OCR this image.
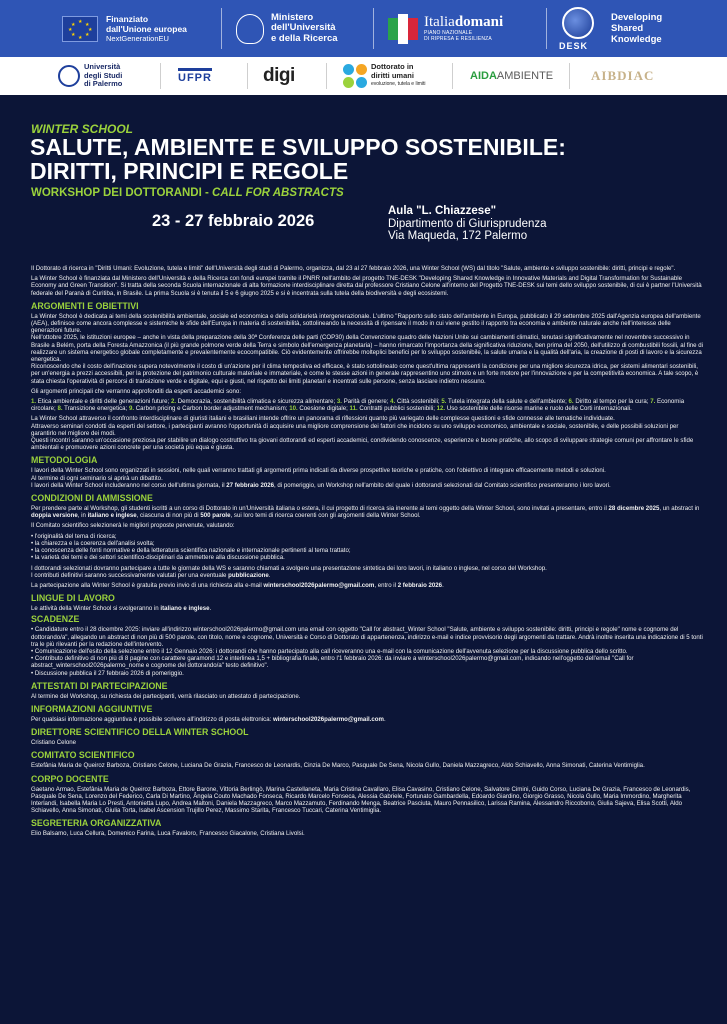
★
★ ★
★	★
★ ★
★
Finanziato
dall'Unione europea
NextGenerationEU
Ministero
dell'Università
e della Ricerca
Italiadomani
PIANO NAZIONALE
DI RIPRESA E RESILIENZA
DESK
Developing
Shared
Knowledge
Università
degli Studi
di Palermo	UFPR	digi	Dottorato in
diritti umani
evoluzione, tutela e limiti
AIDAAMBIENTE	AIBDIAC
WINTER SCHOOL
SALUTE, AMBIENTE E SVILUPPO SOSTENIBILE:
DIRITTI, PRINCIPI E REGOLE
WORKSHOP DEI DOTTORANDI - CALL FOR ABSTRACTS
23 - 27 febbraio 2026
Aula "L. Chiazzese"
Dipartimento di Giurisprudenza
Via Maqueda, 172 Palermo

Il Dottorato di ricerca in "Diritti Umani: Evoluzione, tutela e limiti" dell'Università degli studi di Palermo, organizza, dal 23 al 27 febbraio 2026, una Winter School (WS) dal titolo "Salute, ambiente e sviluppo sostenibile: diritti, principi e regole".

La Winter School è finanziata dal Ministero dell'Università e della Ricerca con fondi europei tramite il PNRR nell'ambito del progetto TNE-DESK "Developing Shared Knowledge in Innovative Materials and Digital Transformation for Sustainable Economy and Green Transition". Si tratta della seconda Scuola internazionale di alta formazione interdisciplinare diretta dal professore Cristiano Celone all'interno del Progetto TNE-DESK sui temi dello sviluppo sostenibile, di cui è partner l'Università federale del Paranà di Curitiba, in Brasile. La prima Scuola si è tenuta il 5 e 6 giugno 2025 e si è incentrata sulla tutela della biodiversità e degli ecosistemi.

ARGOMENTI E OBIETTIVI

La Winter School è dedicata ai temi della sostenibilità ambientale, sociale ed economica e della solidarietà intergenerazionale. L'ultimo "Rapporto sullo stato dell'ambiente in Europa, pubblicato il 29 settembre 2025 dall'Agenzia europea dell'ambiente (AEA), definisce come ancora complesse e sistemiche le sfide dell'Europa in materia di sostenibilità, sottolineando la necessità di ripensare il modo in cui viene gestito il rapporto tra economia e ambiente naturale anche nell'interesse delle generazioni future.

Nell'ottobre 2025, le istituzioni europee – anche in vista della preparazione della 30ª Conferenza delle parti (COP30) della Convenzione quadro delle Nazioni Unite sui cambiamenti climatici, tenutasi significativamente nel novembre successivo in Brasile a Belém, porta della Foresta Amazzonica (il più grande polmone verde della Terra e simbolo dell'emergenza planetaria) – hanno rimarcato l'importanza della significativa riduzione, ben prima del 2050, dell'utilizzo di combustibili fossili, al fine di realizzare un sistema energetico globale completamente e prevalentemente ecocompatibile. Ciò evidentemente offrirebbe molteplici benefici per lo sviluppo sostenibile, la salute umana e la qualità dell'aria, la creazione di posti di lavoro e la sicurezza energetica.

Riconoscendo che il costo dell'inazione supera notevolmente il costo di un'azione per il clima tempestiva ed efficace, è stato sottolineato come quest'ultima rappresenti la condizione per una migliore sicurezza idrica, per sistemi alimentari sostenibili, per un'energia a prezzi accessibili, per la protezione del patrimonio culturale materiale e immateriale, e come le stesse azioni in generale rappresentino uno stimolo e un forte motore per l'innovazione e per la competitività economica. A tale scopo, è stata chiesta l'operatività di percorsi di transizione verde e digitale, equi e giusti, nel rispetto dei limiti planetari e incentrati sulle persone, senza lasciare indietro nessuno.

Gli argomenti principali che verranno approfonditi da esperti accademici sono:

1. Etica ambientale e diritti delle generazioni future; 2. Democrazia, sostenibilità climatica e sicurezza alimentare; 3. Parità di genere; 4. Città sostenibili; 5. Tutela integrata della salute e dell'ambiente; 6. Diritto al tempo per la cura; 7. Economia circolare; 8. Transizione energetica; 9. Carbon pricing e Carbon border adjustment mechanism; 10. Coesione digitale; 11. Contratti pubblici sostenibili; 12. Uso sostenibile delle risorse marine e ruolo delle Corti internazionali.

La Winter School attraverso il confronto interdisciplinare di giuristi italiani e brasiliani intende offrire un panorama di riflessioni quanto più variegato delle complesse questioni e sfide connesse alle tematiche individuate.

Attraverso seminari condotti da esperti del settore, i partecipanti avranno l'opportunità di acquisire una migliore comprensione dei fattori che incidono su uno sviluppo economico, ambientale e sociale, sostenibile, e delle possibili soluzioni per garantirlo nel migliore dei modi.

Questi incontri saranno un'occasione preziosa per stabilire un dialogo costruttivo tra giovani dottorandi ed esperti accademici, condividendo conoscenze, esperienze e buone pratiche, allo scopo di sviluppare strategie comuni per affrontare le sfide ambientali e promuovere azioni concrete per una società più equa e giusta.

METODOLOGIA

I lavori della Winter School sono organizzati in sessioni, nelle quali verranno trattati gli argomenti prima indicati da diverse prospettive teoriche e pratiche, con l'obiettivo di integrare efficacemente metodi e soluzioni.

Al termine di ogni seminario si aprirà un dibattito.

I lavori della Winter School includeranno nel corso dell'ultima giornata, il 27 febbraio 2026, di pomeriggio, un Workshop nell'ambito del quale i dottorandi selezionati dal Comitato scientifico presenteranno i loro lavori.

CONDIZIONI DI AMMISSIONE

Per prendere parte al Workshop, gli studenti iscritti a un corso di Dottorato in un'Università italiana o estera, il cui progetto di ricerca sia inerente ai temi oggetto della Winter School, sono invitati a presentare, entro il 28 dicembre 2025, un abstract in doppia versione, in italiano e inglese, ciascuna di non più di 500 parole, sui loro temi di ricerca coerenti con gli argomenti della Winter School.

Il Comitato scientifico selezionerà le migliori proposte pervenute, valutando:

• l'originalità del tema di ricerca;

• la chiarezza e la coerenza dell'analisi svolta;

• la conoscenza delle fonti normative e della letteratura scientifica nazionale e internazionale pertinenti al tema trattato;

• la varietà dei temi e dei settori scientifico-disciplinari da ammettere alla discussione pubblica.

I dottorandi selezionati dovranno partecipare a tutte le giornate della WS e saranno chiamati a svolgere una presentazione sintetica dei loro lavori, in italiano o inglese, nel corso del Workshop.

I contributi definitivi saranno successivamente valutati per una eventuale pubblicazione.

La partecipazione alla Winter School è gratuita previo invio di una richiesta alla e-mail winterschool2026palermo@gmail.com, entro il 2 febbraio 2026.

LINGUE DI LAVORO

Le attività della Winter School si svolgeranno in italiano e inglese.

SCADENZE

• Candidature entro il 28 dicembre 2025: inviare all'indirizzo winterschool2026palermo@gmail.com una email con oggetto "Call for abstract_Winter School "Salute, ambiente e sviluppo sostenibile: diritti, principi e regole" nome e cognome del dottorando/a", allegando un abstract di non più di 500 parole, con titolo, nome e cognome, Università e Corso di Dottorato di appartenenza, indirizzo e-mail e indice provvisorio degli argomenti da trattare. Andrà inoltre inserita una indicazione di 5 tonti tra le più rilevanti per la redazione dell'intervento.

• Comunicazione dell'esito della selezione entro il 12 Gennaio 2026: i dottorandi che hanno partecipato alla call riceveranno una e-mail con la comunicazione dell'avvenuta selezione per la discussione pubblica dello scritto.

• Contributo definitivo di non più di 8 pagine con carattere garamond 12 e interlinea 1,5 + bibliografia finale, entro l'1 febbraio 2026: da inviare a winterschool2026palermo@gmail.com, indicando nell'oggetto dell'email "Call for abstract_winterschool2026palermo_nome e cognome del dottorando/a" testo definitivo".

• Discussione pubblica il 27 febbraio 2026 di pomeriggio.

ATTESTATI DI PARTECIPAZIONE

Al termine del Workshop, su richiesta dei partecipanti, verrà rilasciato un attestato di partecipazione.

INFORMAZIONI AGGIUNTIVE

Per qualsiasi informazione aggiuntiva è possibile scrivere all'indirizzo di posta elettronica: winterschool2026palermo@gmail.com.

DIRETTORE SCIENTIFICO DELLA WINTER SCHOOL

Cristiano Celone

COMITATO SCIENTIFICO

Estefânia Maria de Queiroz Barboza, Cristiano Celone, Luciana De Grazia, Francesco de Leonardis, Cinzia De Marco, Pasquale De Sena, Nicola Gullo, Daniela Mazzagreco, Aldo Schiavello, Anna Simonati, Caterina Ventimiglia.

CORPO DOCENTE

Gaetano Armao, Estefânia Maria de Queiroz Barboza, Ettore Barone, Vittoria Berlingò, Marina Castellaneta, Maria Cristina Cavallaro, Elisa Cavasino, Cristiano Celone, Salvatore Cimini, Guido Corso, Luciana De Grazia, Francesco de Leonardis, Pasquale De Sena, Lorenzo del Federico, Carla Di Martino, Ângela Couto Machado Fonseca, Ricardo Marcelo Fonseca, Alessia Gabriele, Fortunato Gambardella, Edoardo Giardino, Giorgio Grasso, Nicola Gullo, Maria Immordino, Margherita Interlandi, Isabella Maria Lo Presti, Antonietta Lupo, Andrea Maltoni, Daniela Mazzagreco, Marco Mazzamuto, Ferdinando Menga, Beatrice Pasciuta, Mauro Pennasilico, Larissa Ramina, Alessandro Riccobono, Giulia Sajeva, Elisa Scotti, Aldo Schiavello, Anna Simonati, Giulia Torta, Isabel Ascension Trujillo Perez, Massimo Starita, Francesco Tuccari, Caterina Ventimiglia.

SEGRETERIA ORGANIZZATIVA

Elio Balsamo, Luca Cellura, Domenico Farina, Luca Favaloro, Francesco Giacalone, Cristiana Livolsi.
